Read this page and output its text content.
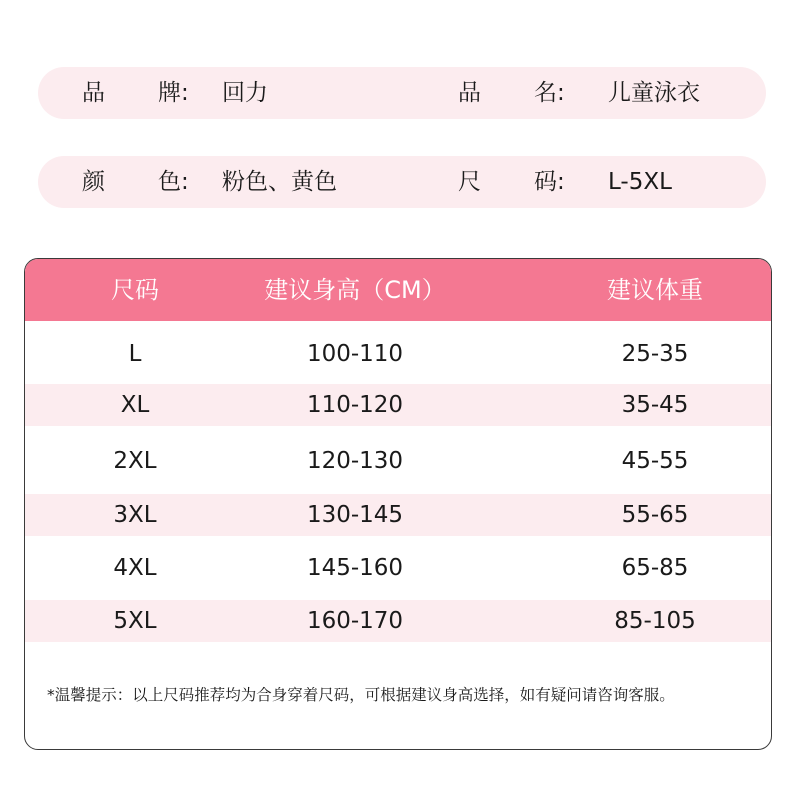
品 牌: 回力	品 名: 儿童泳衣
颜 色: 粉色、黄色	尺 码: L-5XL
尺码	建议身高（CM）	建议体重
L	100-110	25-35
XL	110-120	35-45
2XL	120-130	45-55
3XL	130-145	55-65
4XL	145-160	65-85
5XL	160-170	85-105
*温馨提示：以上尺码推荐均为合身穿着尺码，可根据建议身高选择，如有疑问请咨询客服。
